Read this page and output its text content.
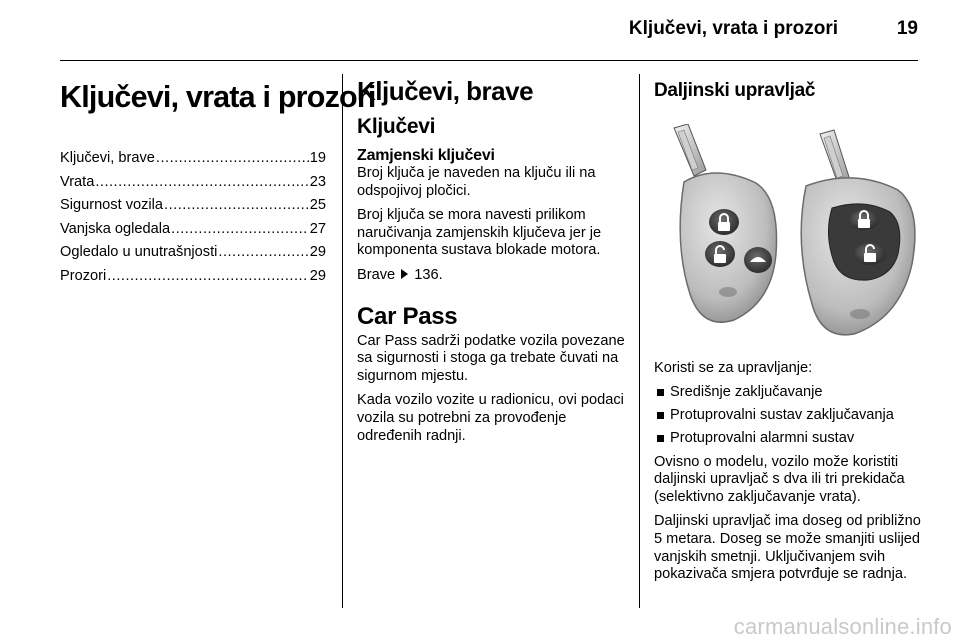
Ključevi, vrata i prozori	19
Ključevi, vrata i prozori
Ključevi, brave .....	19
Vrata .....	23
Sigurnost vozila .....	25
Vanjska ogledala .....	27
Ogledalo u unutrašnjosti .....	29
Prozori .....	29
Ključevi, brave
Ključevi
Zamjenski ključevi

Broj ključa je naveden na ključu ili na odspojivoj pločici.

Broj ključa se mora navesti prilikom naručivanja zamjenskih ključeva jer je komponenta sustava blokade motora.

Brave 136.

Car Pass

Car Pass sadrži podatke vozila povezane sa sigurnosti i stoga ga trebate čuvati na sigurnom mjestu.

Kada vozilo vozite u radionicu, ovi podaci vozila su potrebni za provođenje određenih radnji.

Daljinski upravljač

Koristi se za upravljanje:

Središnje zaključavanje
Protuprovalni sustav zaključavanja
Protuprovalni alarmni sustav

Ovisno o modelu, vozilo može koristiti daljinski upravljač s dva ili tri prekidača (selektivno zaključavanje vrata).

Daljinski upravljač ima doseg od približno 5 metara. Doseg se može smanjiti uslijed vanjskih smetnji. Uključivanjem svih pokazivača smjera potvrđuje se radnja.

carmanualsonline.info
